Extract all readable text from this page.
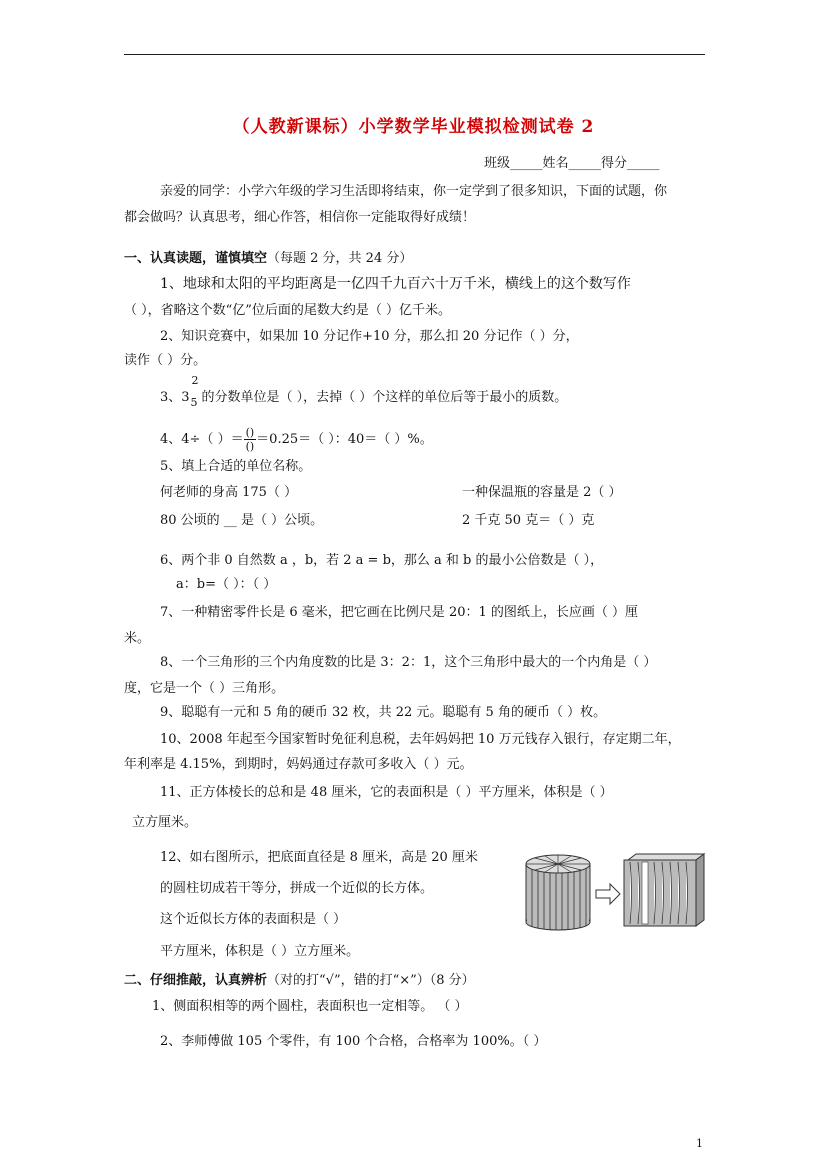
（人教新课标）小学数学毕业模拟检测试卷 2
班级_____姓名_____得分_____
亲爱的同学：小学六年级的学习生活即将结束，你一定学到了很多知识，下面的试题，你
都会做吗？认真思考，细心作答，相信你一定能取得好成绩！
一、认真读题，谨慎填空（每题 2 分，共 24 分）
1、地球和太阳的平均距离是一亿四千九百六十万千米，横线上的这个数写作
（ ），省略这个数“亿”位后面的尾数大约是（ ）亿千米。
2、知识竞赛中，如果加 10 分记作+10 分，那么扣 20 分记作（ ）分，
读作（ ）分。
3、3
2
5 的分数单位是（ ），去掉（ ）个这样的单位后等于最小的质数。
4、4÷（ ）＝ ()
() ＝0.25＝（ ）：40＝（ ）%。
5、填上合适的单位名称。
何老师的身高 175（ ）	一种保温瓶的容量是 2（ ）
80 公顷的 __ 是（ ）公顷。	2 千克 50 克＝（ ）克
6、两个非 0 自然数 a ，b，若 2 a = b，那么 a 和 b 的最小公倍数是（ ），
a：b=（ ）：（ ）
7、一种精密零件长是 6 毫米，把它画在比例尺是 20：1 的图纸上，长应画（ ）厘
米。
8、一个三角形的三个内角度数的比是 3：2：1，这个三角形中最大的一个内角是（ ）
度，它是一个（ ）三角形。
9、聪聪有一元和 5 角的硬币 32 枚，共 22 元。聪聪有 5 角的硬币（ ）枚。
10、2008 年起至今国家暂时免征利息税，去年妈妈把 10 万元钱存入银行，存定期二年，
年利率是 4.15%，到期时，妈妈通过存款可多收入（ ）元。
11、正方体棱长的总和是 48 厘米，它的表面积是（ ）平方厘米，体积是（ ）
立方厘米。
12、如右图所示，把底面直径是 8 厘米，高是 20 厘米
的圆柱切成若干等分，拼成一个近似的长方体。
这个近似长方体的表面积是（ ）
平方厘米，体积是（ ）立方厘米。
二、仔细推敲，认真辨析（对的打“√”，错的打“×”）（8 分）
1、侧面积相等的两个圆柱，表面积也一定相等。 （ ）
2、李师傅做 105 个零件，有 100 个合格，合格率为 100%。（ ）
1
